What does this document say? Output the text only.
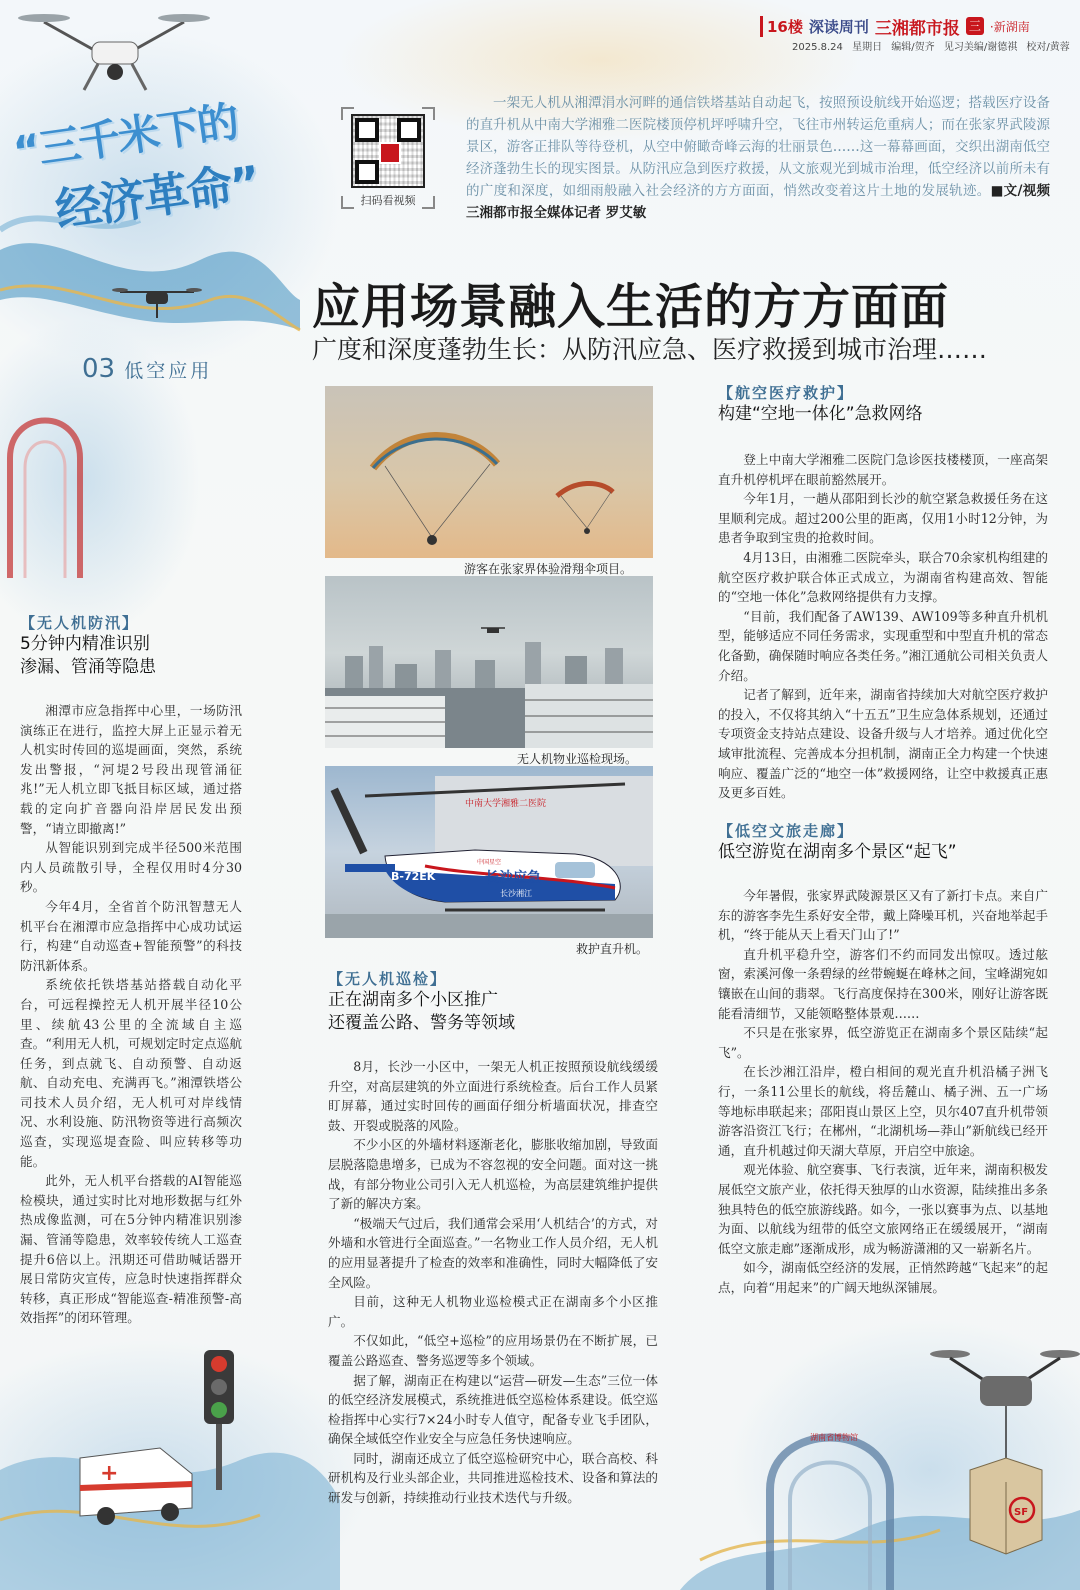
“三千米下的
经济革命”
03 低空应用
16楼 深读周刊 三湘都市报 三 ·新湖南
2025.8.24 星期日 编辑/贺齐 见习美编/谢德祺 校对/黄蓉
扫码看视频
一架无人机从湘潭涓水河畔的通信铁塔基站自动起飞，按照预设航线开始巡逻；搭载医疗设备的直升机从中南大学湘雅二医院楼顶停机坪呼啸升空，飞往市州转运危重病人；而在张家界武陵源景区，游客正排队等待登机，从空中俯瞰奇峰云海的壮丽景色……这一幕幕画面，交织出湖南低空经济蓬勃生长的现实图景。从防汛应急到医疗救援，从文旅观光到城市治理，低空经济以前所未有的广度和深度，如细雨般融入社会经济的方方面面，悄然改变着这片土地的发展轨迹。■文/视频 三湘都市报全媒体记者 罗艾敏
应用场景融入生活的方方面面
广度和深度蓬勃生长：从防汛应急、医疗救援到城市治理……
【无人机防汛】
5分钟内精准识别
渗漏、管涌等隐患

湘潭市应急指挥中心里，一场防汛演练正在进行，监控大屏上正显示着无人机实时传回的巡堤画面，突然，系统发出警报，“河堤2号段出现管涌征兆!”无人机立即飞抵目标区域，通过搭载的定向扩音器向沿岸居民发出预警，“请立即撤离!”

从智能识别到完成半径500米范围内人员疏散引导，全程仅用时4分30秒。

今年4月，全省首个防汛智慧无人机平台在湘潭市应急指挥中心成功试运行，构建“自动巡查+智能预警”的科技防汛新体系。

系统依托铁塔基站搭载自动化平台，可远程操控无人机开展半径10公里、续航43公里的全流域自主巡查。“利用无人机，可规划定时定点巡航任务，到点就飞、自动预警、自动返航、自动充电、充满再飞。”湘潭铁塔公司技术人员介绍，无人机可对岸线情况、水利设施、防汛物资等进行高频次巡查，实现巡堤查险、叫应转移等功能。

此外，无人机平台搭载的AI智能巡检模块，通过实时比对地形数据与红外热成像监测，可在5分钟内精准识别渗漏、管涌等隐患，效率较传统人工巡查提升6倍以上。汛期还可借助喊话器开展日常防灾宣传，应急时快速指挥群众转移，真正形成“智能巡查-精准预警-高效指挥”的闭环管理。

游客在张家界体验滑翔伞项目。
无人机物业巡检现场。
中南大学湘雅二医院
B-72EK	长沙应急
长沙湘江
中国星空
救护直升机。
【无人机巡检】
正在湖南多个小区推广
还覆盖公路、警务等领域

8月，长沙一小区中，一架无人机正按照预设航线缓缓升空，对高层建筑的外立面进行系统检查。后台工作人员紧盯屏幕，通过实时回传的画面仔细分析墙面状况，排查空鼓、开裂或脱落的风险。

不少小区的外墙材料逐渐老化，膨胀收缩加剧，导致面层脱落隐患增多，已成为不容忽视的安全问题。面对这一挑战，有部分物业公司引入无人机巡检，为高层建筑维护提供了新的解决方案。

“极端天气过后，我们通常会采用‘人机结合’的方式，对外墙和水管进行全面巡查。”一名物业工作人员介绍，无人机的应用显著提升了检查的效率和准确性，同时大幅降低了安全风险。

目前，这种无人机物业巡检模式正在湖南多个小区推广。

不仅如此，“低空+巡检”的应用场景仍在不断扩展，已覆盖公路巡查、警务巡逻等多个领域。

据了解，湖南正在构建以“运营—研发—生态”三位一体的低空经济发展模式，系统推进低空巡检体系建设。低空巡检指挥中心实行7×24小时专人值守，配备专业飞手团队，确保全域低空作业安全与应急任务快速响应。

同时，湖南还成立了低空巡检研究中心，联合高校、科研机构及行业头部企业，共同推进巡检技术、设备和算法的研发与创新，持续推动行业技术迭代与升级。

【航空医疗救护】
构建“空地一体化”急救网络

登上中南大学湘雅二医院门急诊医技楼楼顶，一座高架直升机停机坪在眼前豁然展开。

今年1月，一趟从邵阳到长沙的航空紧急救援任务在这里顺利完成。超过200公里的距离，仅用1小时12分钟，为患者争取到宝贵的抢救时间。

4月13日，由湘雅二医院牵头，联合70余家机构组建的航空医疗救护联合体正式成立，为湖南省构建高效、智能的“空地一体化”急救网络提供有力支撑。

“目前，我们配备了AW139、AW109等多种直升机机型，能够适应不同任务需求，实现重型和中型直升机的常态化备勤，确保随时响应各类任务。”湘江通航公司相关负责人介绍。

记者了解到，近年来，湖南省持续加大对航空医疗救护的投入，不仅将其纳入“十五五”卫生应急体系规划，还通过专项资金支持站点建设、设备升级与人才培养。通过优化空域审批流程、完善成本分担机制，湖南正全力构建一个快速响应、覆盖广泛的“地空一体”救援网络，让空中救援真正惠及更多百姓。

【低空文旅走廊】
低空游览在湖南多个景区“起飞”

今年暑假，张家界武陵源景区又有了新打卡点。来自广东的游客李先生系好安全带，戴上降噪耳机，兴奋地举起手机，“终于能从天上看天门山了!”

直升机平稳升空，游客们不约而同发出惊叹。透过舷窗，索溪河像一条碧绿的丝带蜿蜒在峰林之间，宝峰湖宛如镶嵌在山间的翡翠。飞行高度保持在300米，刚好让游客既能看清细节，又能领略整体景观……

不只是在张家界，低空游览正在湖南多个景区陆续“起飞”。

在长沙湘江沿岸，橙白相间的观光直升机沿橘子洲飞行，一条11公里长的航线，将岳麓山、橘子洲、五一广场等地标串联起来；邵阳崀山景区上空，贝尔407直升机带领游客沿资江飞行；在郴州，“北湖机场—莽山”新航线已经开通，直升机越过仰天湖大草原，开启空中旅途。

观光体验、航空赛事、飞行表演，近年来，湖南积极发展低空文旅产业，依托得天独厚的山水资源，陆续推出多条独具特色的低空旅游线路。如今，一张以赛事为点、以基地为面、以航线为纽带的低空文旅网络正在缓缓展开，“湖南低空文旅走廊”逐渐成形，成为畅游潇湘的又一崭新名片。

如今，湖南低空经济的发展，正悄然跨越“飞起来”的起点，向着“用起来”的广阔天地纵深铺展。

+
湖南省博物馆
SF
